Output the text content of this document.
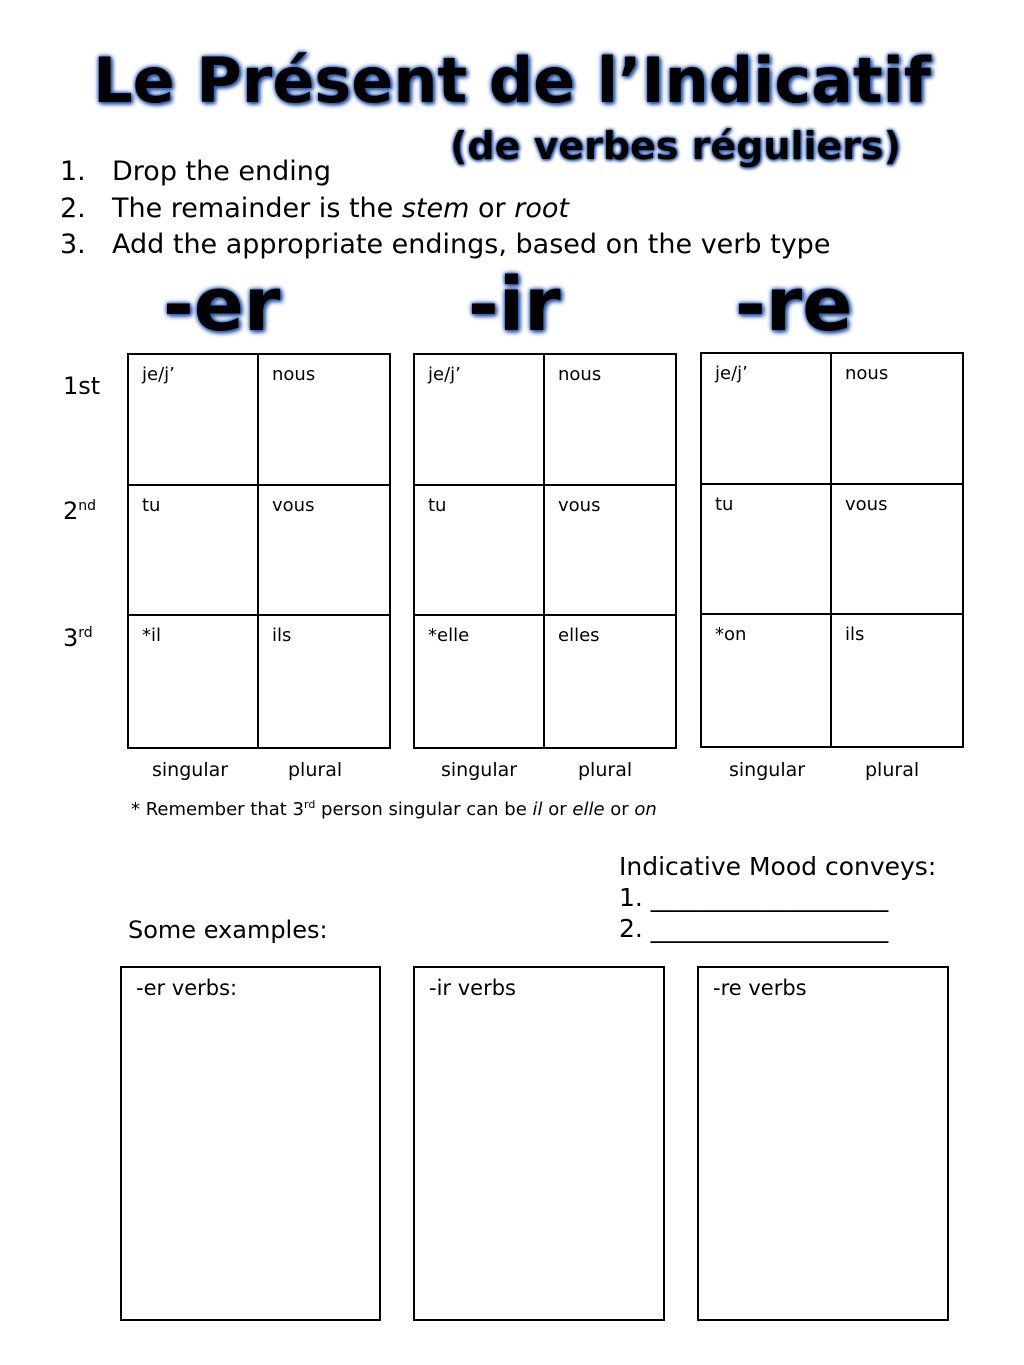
Le Présent de l’Indicatif
(de verbes réguliers)
1. Drop the ending
2. The remainder is the stem or root
3. Add the appropriate endings, based on the verb type
-er	-ir -re
1st
2nd
3rd
je/j’	nous
tu	vous
*il	ils
je/j’	nous
tu	vous
*elle	elles
je/j’	nous
tu	vous
*on	ils
singular	plural	singular	plural	singular	plural
* Remember that 3rd person singular can be il or elle or on
Indicative Mood conveys:
1. ___________________
2. ___________________
Some examples:
-er verbs:	-ir verbs	-re verbs
